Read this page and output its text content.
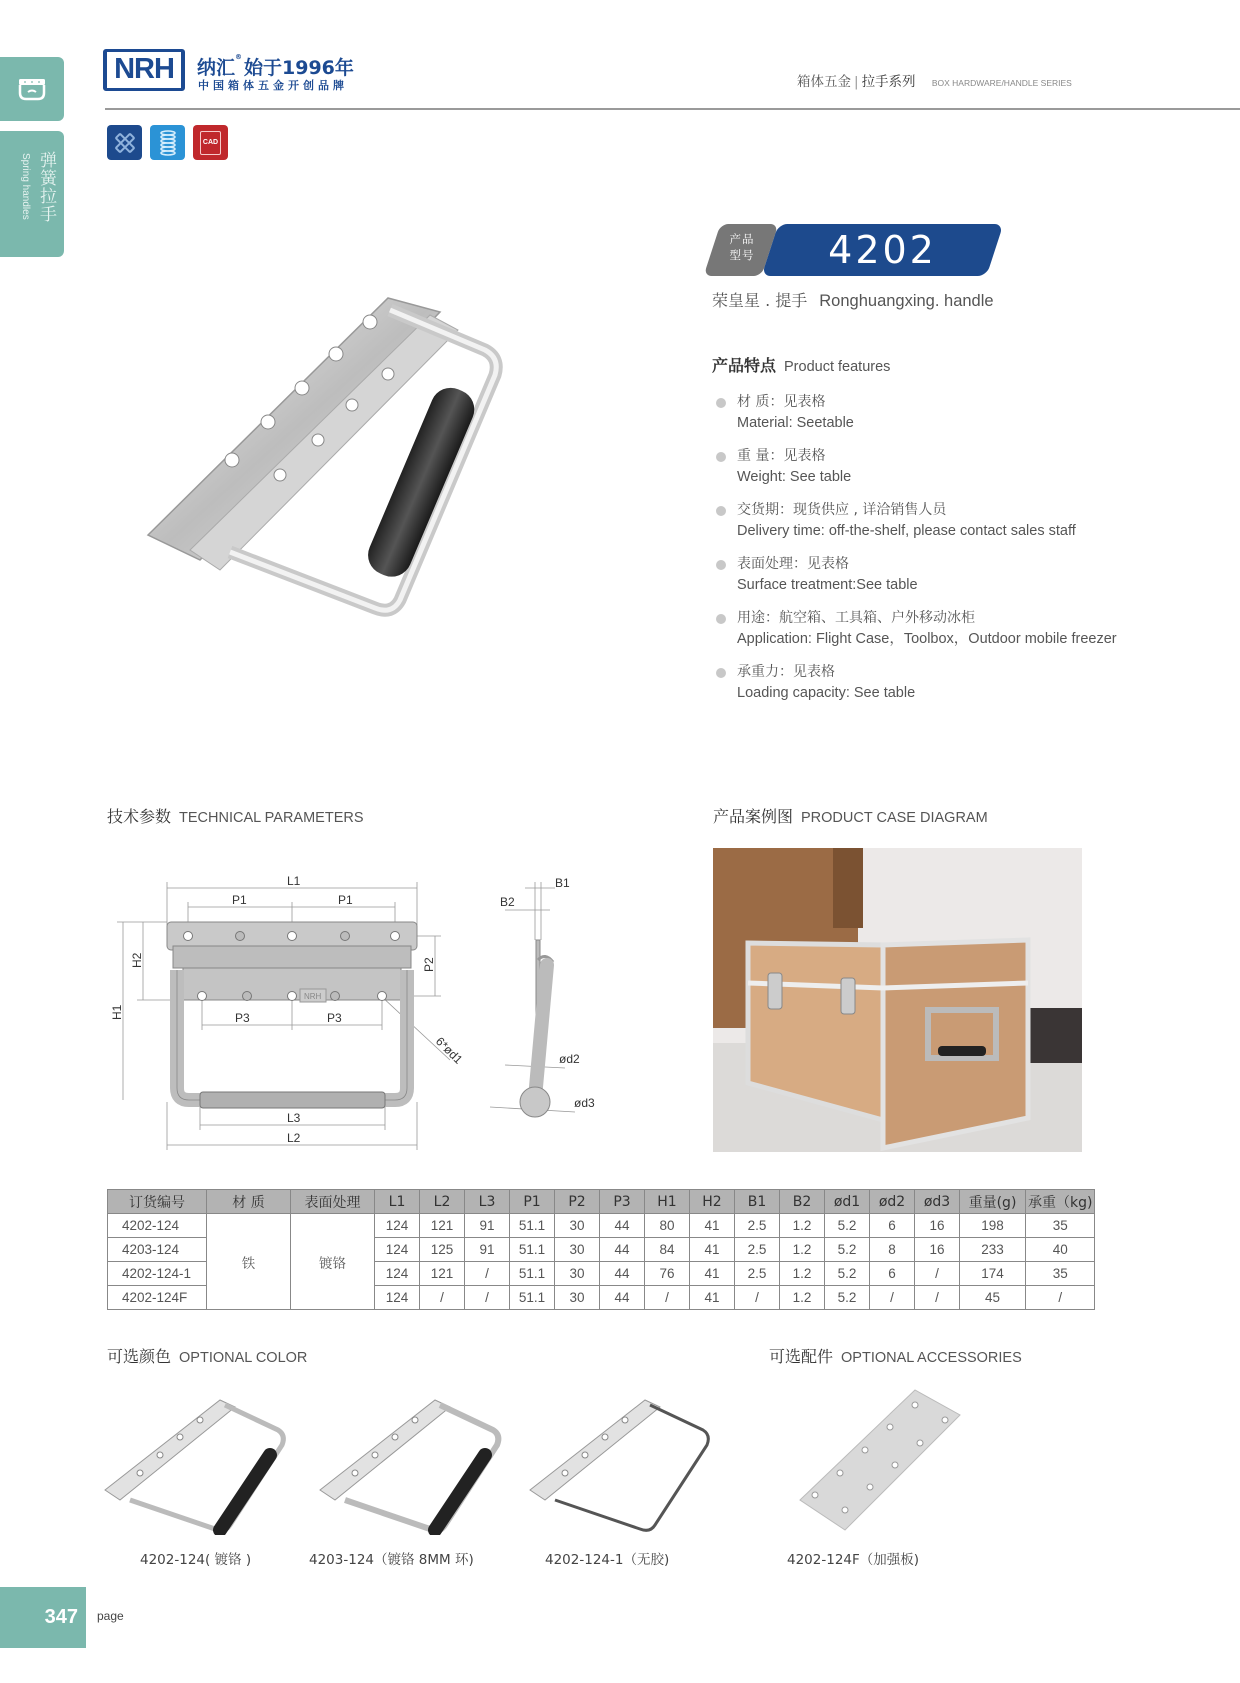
弹簧拉手
Spring handles
NRH	纳汇® 始于1996年
中国箱体五金开创品牌	箱体五金 | 拉手系列 BOX HARDWARE/HANDLE SERIES
CAD
产品
型号	4202
荣皇星 . 提手 Ronghuangxing. handle
产品特点 Product features
材 质：见表格
Material: Seetable
重 量：见表格
Weight: See table
交货期：现货供应 , 详洽销售人员
Delivery time: off-the-shelf, please contact sales staff
表面处理：见表格
Surface treatment:See table
用途：航空箱、工具箱、户外移动冰柜
Application: Flight Case，Toolbox，Outdoor mobile freezer
承重力：见表格
Loading capacity: See table
技术参数 TECHNICAL PARAMETERS
NRH
L1
P1	P1
P3	P3
L3
L2
H1
H2	P2
6*ød1
B1
B2
ød2
ød3
产品案例图 PRODUCT CASE DIAGRAM
订货编号	材 质	表面处理	L1	L2	L3	P1	P2	P3	H1	H2	B1	B2	ød1	ød2	ød3	重量(g)	承重（kg)
4202-124	铁	镀铬	124	121	91	51.1	30	44	80	41	2.5	1.2	5.2	6	16	198	35
4203-124			124	125	91	51.1	30	44	84	41	2.5	1.2	5.2	8	16	233	40
4202-124-1			124	121	/	51.1	30	44	76	41	2.5	1.2	5.2	6	/	174	35
4202-124F			124	/	/	51.1	30	44	/	41	/	1.2	5.2	/	/	45	/
可选颜色 OPTIONAL COLOR	可选配件 OPTIONAL ACCESSORIES
4202-124( 镀铬 )	4203-124（镀铬 8MM 环)	4202-124-1（无胶)	4202-124F（加强板)
347	page
